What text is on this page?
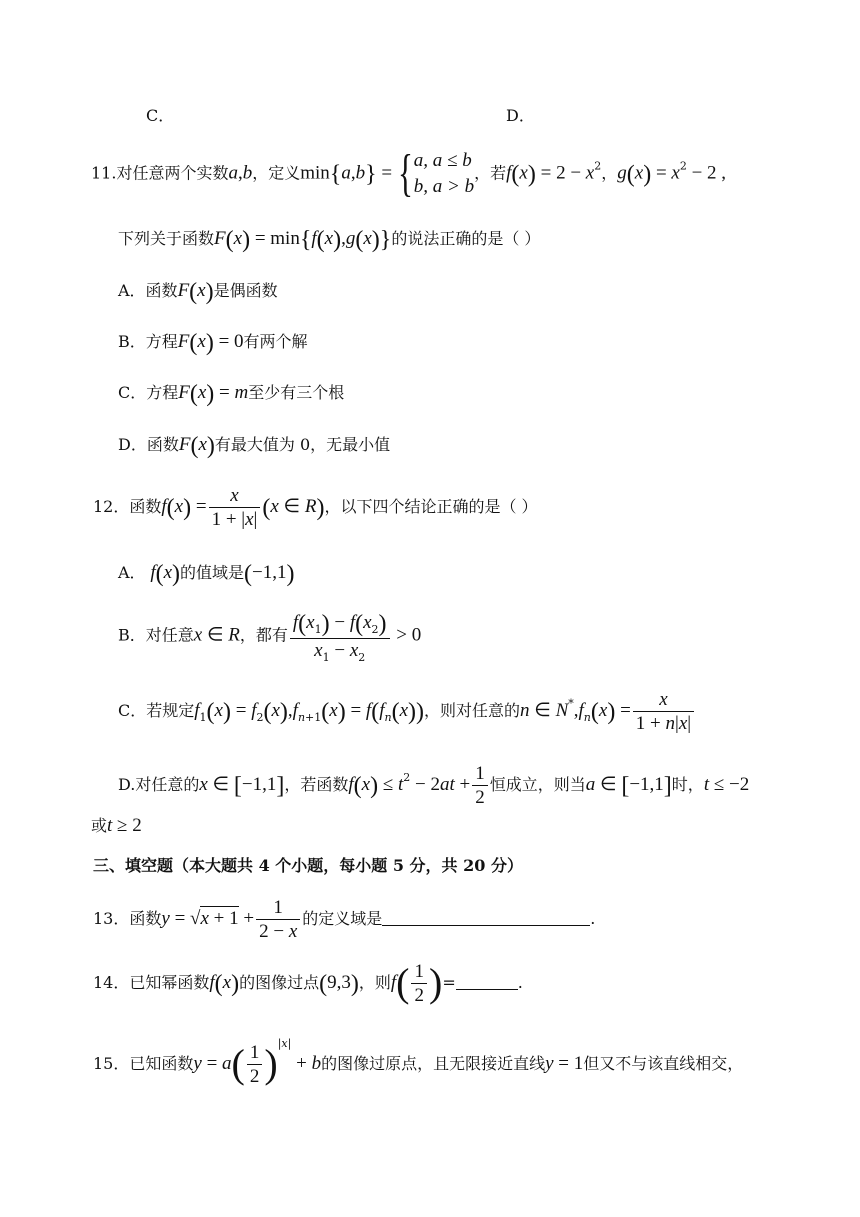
C．	D．
11.对任意两个实数a,b，定义min{a,b} = { a, a ≤ b
b, a > b
，若$f(x) = 2 - x^2$，$g(x) = x^2 - 2$ ,
下列关于函数F(x) = min{f(x),g(x)}的说法正确的是（ ）
A．函数F(x)是偶函数
B．方程F(x) = 0有两个解
C．方程F(x) = m至少有三个根
D．函数F(x)有最大值为 0，无最小值
12．函数$f(x) = \frac{x}{1 + |x|} (x$ ∈ R)，以下四个结论正确的是（ ）
A． f(x)的值域是(−1,1)
B．对任意x ∈ R，都有 $\frac{f(x_1) - f(x_2)}{x_1 - x_2} > 0$
C．若规定$f_1(x) = f_2(x),f_{n+1}(x) = f(f_n(x))$，则对任意的n ∈ $N^*,f_n(x) = \frac{x}{1 + n|x|}$
D.对任意的x ∈ [−1,1]，若函数$f(x) \le t^2 - 2at + \frac{1}{2}$ 恒成立，则当a ∈ [−1,1]时，t ≤ −2
或t ≥ 2
三、填空题（本大题共 4 个小题，每小题 5 分，共 20 分）
13．函数$y = √x + 1 + \frac{1}{2 - x}$ 的定义域是	.
14．已知幂函数f(x)的图像过点(9,3)，则$f( \frac{1}{2}$ )=	.
15．已知函数$y = a( \frac{1}{2} )^{|x|} + b$的图像过原点，且无限接近直线y = 1但又不与该直线相交，
